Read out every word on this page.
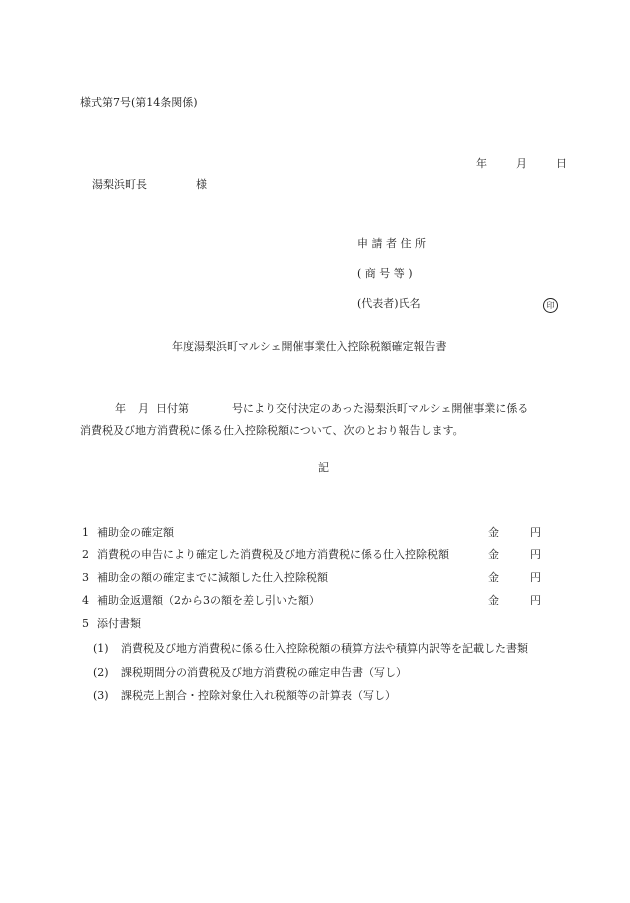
様式第7号(第14条関係)
年	月	日
湯梨浜町長	様
申 請 者 住 所
( 商 号 等 )
(代表者)氏名	印
年度湯梨浜町マルシェ開催事業仕入控除税額確定報告書
年 月 日付第	号により交付決定のあった湯梨浜町マルシェ開催事業に係る
消費税及び地方消費税に係る仕入控除税額について、次のとおり報告します。
記
1 補助金の確定額	金	円
2 消費税の申告により確定した消費税及び地方消費税に係る仕入控除税額	金	円
3 補助金の額の確定までに減額した仕入控除税額	金	円
4 補助金返還額（2から3の額を差し引いた額）	金	円
5 添付書類
(1) 消費税及び地方消費税に係る仕入控除税額の積算方法や積算内訳等を記載した書類
(2) 課税期間分の消費税及び地方消費税の確定申告書（写し）
(3) 課税売上割合・控除対象仕入れ税額等の計算表（写し）
